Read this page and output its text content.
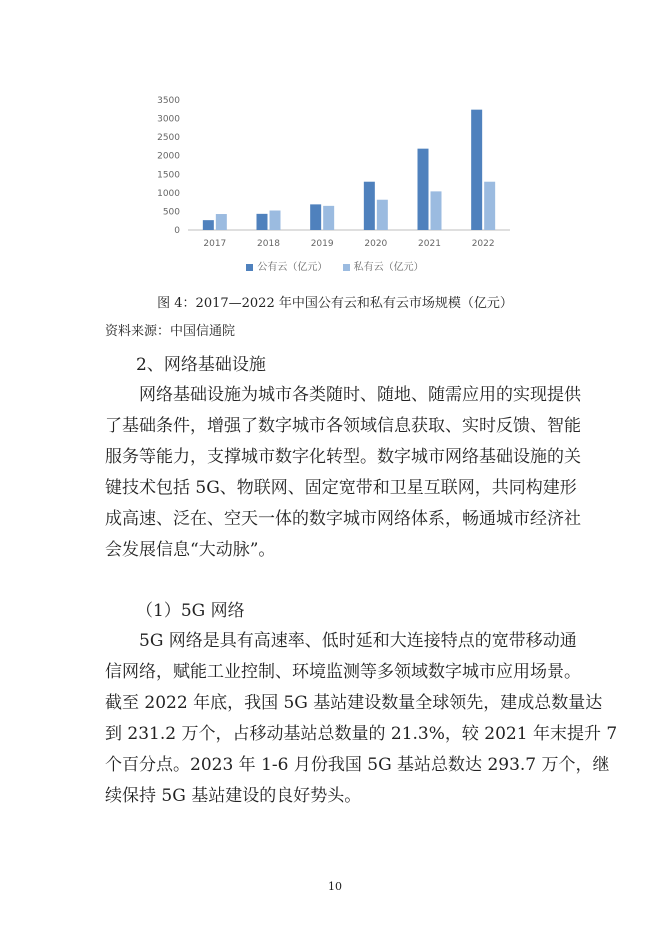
0
500
1000
1500
2000
2500
3000
3500
2017	2018	2019	2020	2021	2022
公有云（亿元）	私有云（亿元）
图 4：2017—2022 年中国公有云和私有云市场规模（亿元）
资料来源：中国信通院
2、网络基础设施

网络基础设施为城市各类随时、随地、随需应用的实现提供
了基础条件，增强了数字城市各领域信息获取、实时反馈、智能
服务等能力，支撑城市数字化转型。数字城市网络基础设施的关
键技术包括 5G、物联网、固定宽带和卫星互联网，共同构建形
成高速、泛在、空天一体的数字城市网络体系，畅通城市经济社
会发展信息“大动脉”。

（1）5G 网络

5G 网络是具有高速率、低时延和大连接特点的宽带移动通
信网络，赋能工业控制、环境监测等多领域数字城市应用场景。
截至 2022 年底，我国 5G 基站建设数量全球领先，建成总数量达
到 231.2 万个，占移动基站总数量的 21.3%，较 2021 年末提升 7
个百分点。2023 年 1-6 月份我国 5G 基站总数达 293.7 万个，继
续保持 5G 基站建设的良好势头。

10
